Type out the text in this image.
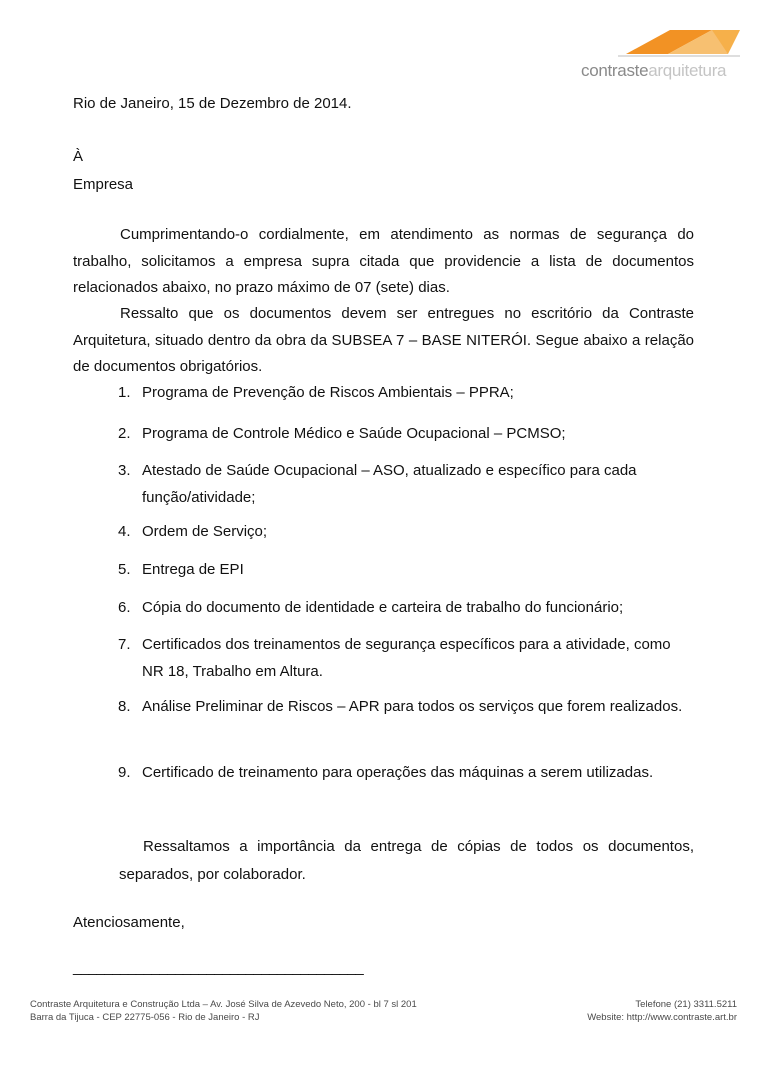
contrastearquitetura
Rio de Janeiro, 15 de Dezembro de 2014.
À
Empresa

Cumprimentando-o cordialmente, em atendimento as normas de segurança do trabalho, solicitamos a empresa supra citada que providencie a lista de documentos relacionados abaixo, no prazo máximo de 07 (sete) dias.

Ressalto que os documentos devem ser entregues no escritório da Contraste Arquitetura, situado dentro da obra da SUBSEA 7 – BASE NITERÓI. Segue abaixo a relação de documentos obrigatórios.

1. Programa de Prevenção de Riscos Ambientais – PPRA;
2. Programa de Controle Médico e Saúde Ocupacional – PCMSO;
3. Atestado de Saúde Ocupacional – ASO, atualizado e específico para cada função/atividade;
4. Ordem de Serviço;
5. Entrega de EPI
6. Cópia do documento de identidade e carteira de trabalho do funcionário;
7. Certificados dos treinamentos de segurança específicos para a atividade, como NR 18, Trabalho em Altura.
8. Análise Preliminar de Riscos – APR para todos os serviços que forem realizados.
9. Certificado de treinamento para operações das máquinas a serem utilizadas.

Ressaltamos a importância da entrega de cópias de todos os documentos, separados, por colaborador.

Atenciosamente,
_____________________________________
Contraste Arquitetura e Construção Ltda – Av. José Silva de Azevedo Neto, 200 - bl 7 sl 201
Barra da Tijuca - CEP 22775-056 - Rio de Janeiro - RJ
Telefone (21) 3311.5211
Website: http://www.contraste.art.br
